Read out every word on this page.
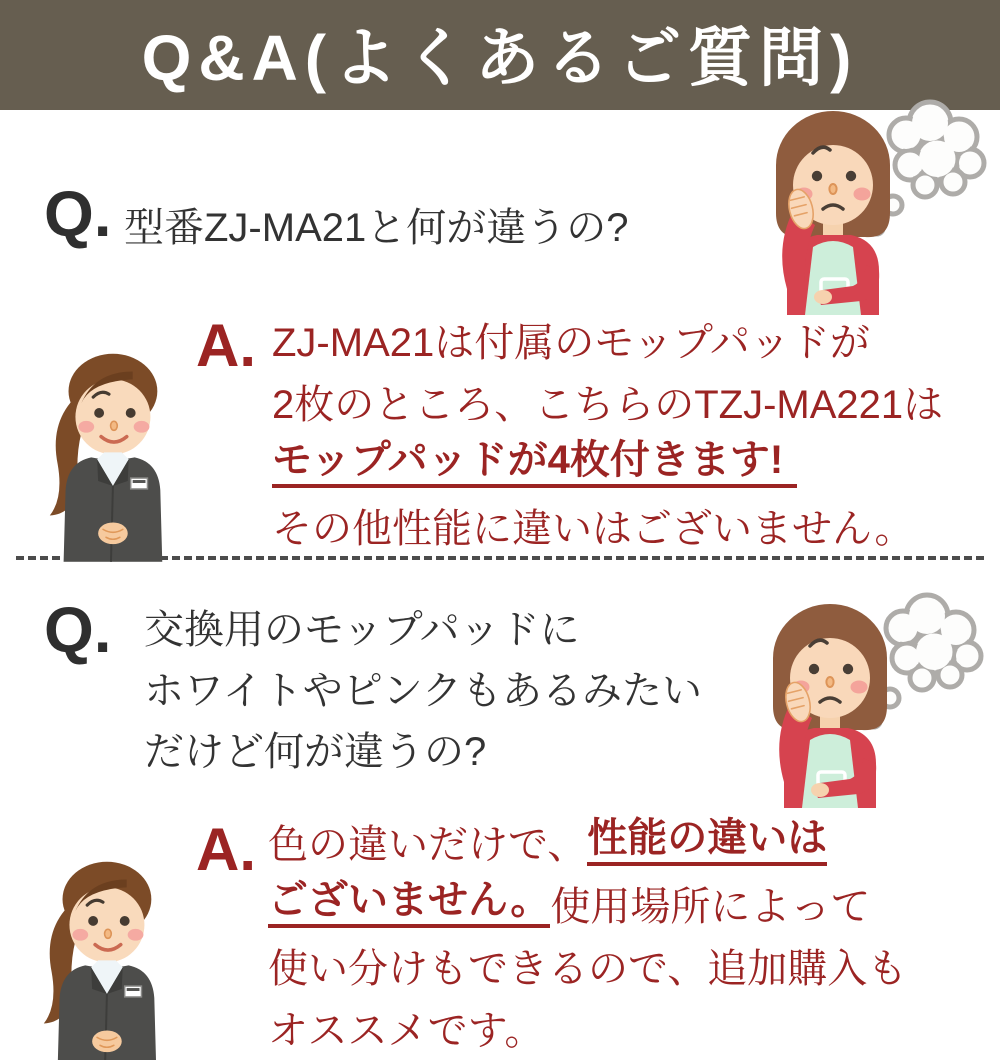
Q&A(よくあるご質問)
Q. 型番ZJ-MA21と何が違うの?
A. ZJ-MA21は付属のモップパッドが
2枚のところ、こちらのTZJ-MA221は
モップパッドが4枚付きます!
その他性能に違いはございません。
Q. 交換用のモップパッドに
ホワイトやピンクもあるみたい
だけど何が違うの?
A. 色の違いだけで、 性能の違いは
ございません。 使用場所によって
使い分けもできるので、追加購入も
オススメです。
